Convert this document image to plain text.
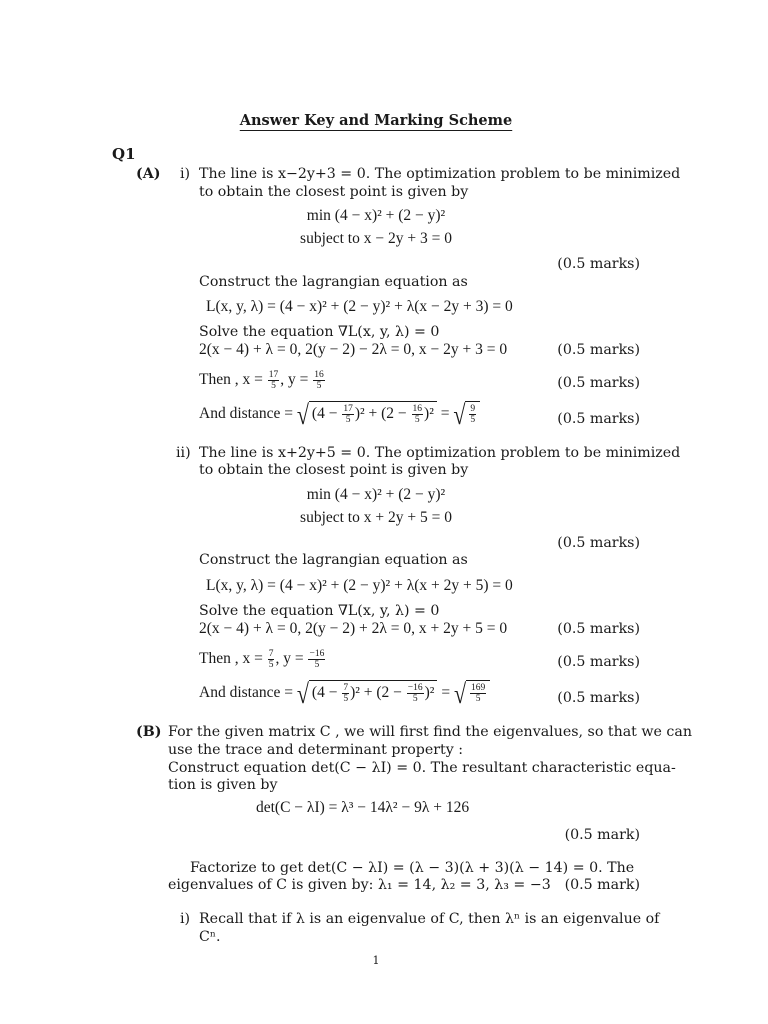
Answer Key and Marking Scheme
Q1
(A) i) The line is x−2y+3 = 0. The optimization problem to be minimized
to obtain the closest point is given by
min (4 − x)² + (2 − y)²
subject to x − 2y + 3 = 0
(0.5 marks)
Construct the lagrangian equation as
L(x, y, λ) = (4 − x)² + (2 − y)² + λ(x − 2y + 3) = 0
Solve the equation ∇L(x, y, λ) = 0
2(x − 4) + λ = 0, 2(y − 2) − 2λ = 0, x − 2y + 3 = 0	(0.5 marks)
Then , $x = \frac{17}{5}$ , $y = \frac{16}{5}$	(0.5 marks)
And distance = √ $(4 - \frac{17}{5} )^2 + (2 - \frac{16}{5} )^2$ = √ $\frac{9}{5}$	(0.5 marks)
ii) The line is x+2y+5 = 0. The optimization problem to be minimized
to obtain the closest point is given by
min (4 − x)² + (2 − y)²
subject to x + 2y + 5 = 0
(0.5 marks)
Construct the lagrangian equation as
L(x, y, λ) = (4 − x)² + (2 − y)² + λ(x + 2y + 5) = 0
Solve the equation ∇L(x, y, λ) = 0
2(x − 4) + λ = 0, 2(y − 2) + 2λ = 0, x + 2y + 5 = 0	(0.5 marks)
Then , $x = \frac{7}{5}$ , $y = \frac{-16}{5}$	(0.5 marks)
And distance = √ $(4 - \frac{7}{5} )^2 + (2 - \frac{-16}{5} )^2$ = √ $\frac{169}{5}$	(0.5 marks)
(B) For the given matrix C , we will first find the eigenvalues, so that we can
use the trace and determinant property :
Construct equation det(C − λI) = 0. The resultant characteristic equa-
tion is given by
det(C − λI) = λ³ − 14λ² − 9λ + 126
(0.5 mark)
Factorize to get det(C − λI) = (λ − 3)(λ + 3)(λ − 14) = 0. The
eigenvalues of C is given by: λ₁ = 14, λ₂ = 3, λ₃ = −3 (0.5 mark)
i) Recall that if λ is an eigenvalue of C, then λⁿ is an eigenvalue of
Cⁿ.
1
